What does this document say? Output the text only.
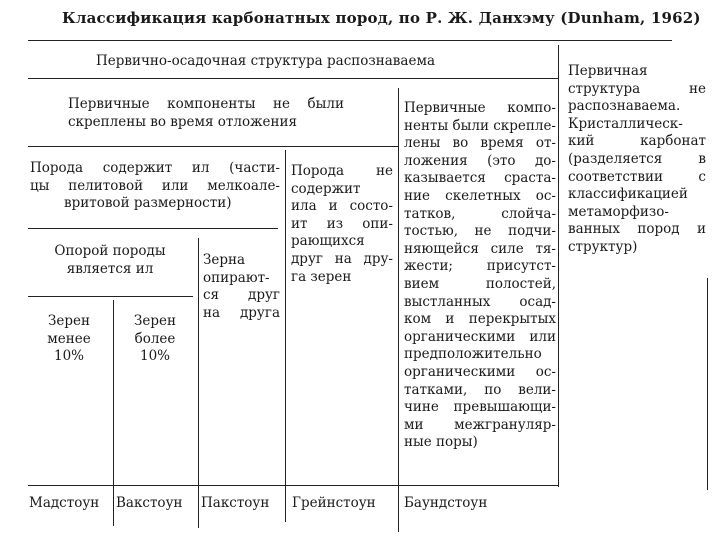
Классификация карбонатных пород, по Р. Ж. Данхэму (Dunham, 1962)
Первично-осадочная структура распознаваема
Первичные компоненты не были
скреплены во время отложения
Первичные компо-
ненты были скрепле-
лены во время от-
ложения (это до-
казывается сраста-
ние скелетных ос-
татков, слойча-
тостью, не подчи-
няющейся силе тя-
жести; присутст-
вием полостей,
выстланных осад-
ком и перекрытых
органическими или
предположительно
органическими ос-
татками, по вели-
чине превышающи-
ми межгрануляр-
ные поры)
Первичная
структура не
распознаваема.
Кристаллическ-
кий карбонат
(разделяется в
соответствии с
классификацией
метаморфизо-
ванных пород и
структур)
Порода содержит ил (части-
цы пелитовой или мелкоале-
вритовой размерности)
Порода не
содержит
ила и состо-
ит из опи-
рающихся
друг на дру-
га зерен
Опорой породы
является ил
Зерна
опирают-
ся друг
на друга
Зерен
менее
10%
Зерен
более
10%
Мадстоун Вакстоун Пакстоун Грейнстоун Баундстоун
